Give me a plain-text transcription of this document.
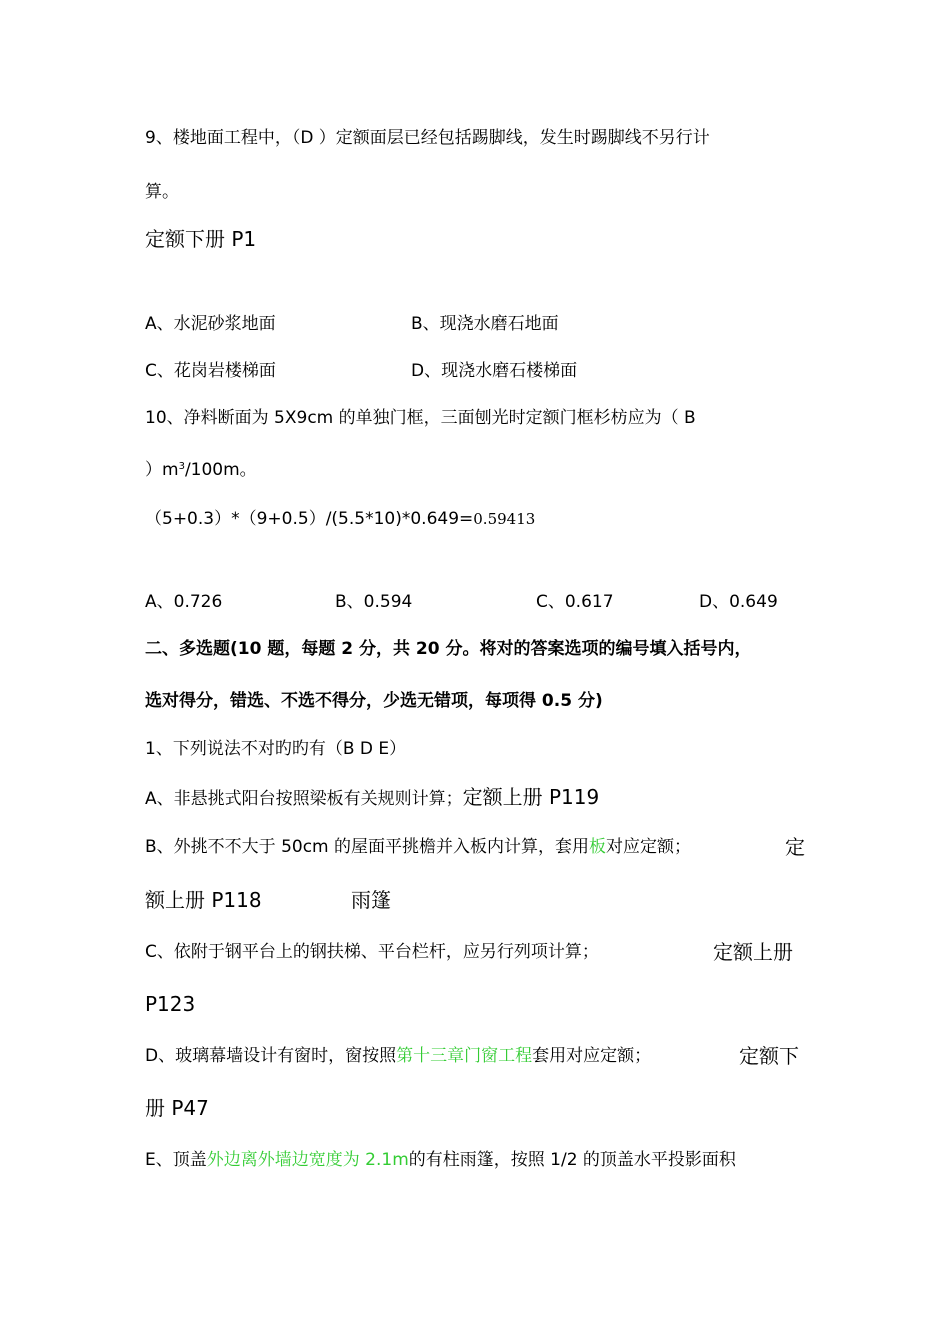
9、楼地面工程中，（D ）定额面层已经包括踢脚线，发生时踢脚线不另行计
算。
定额下册 P1
A、水泥砂浆地面	B、现浇水磨石地面
C、花岗岩楼梯面	D、现浇水磨石楼梯面
10、净料断面为 5X9cm 的单独门框，三面刨光时定额门框杉枋应为（ B
）$m^3/100m$。
（5+0.3）*（9+0.5）/(5.5*10)*0.649=0.59413
A、0.726	B、0.594	C、0.617	D、0.649
二、多选题(10 题，每题 2 分，共 20 分。将对的答案选项的编号填入括号内，
选对得分，错选、不选不得分，少选无错项，每项得 0.5 分)
1、下列说法不对旳旳有（B D E）
A、非悬挑式阳台按照梁板有关规则计算；定额上册 P119
B、外挑不不大于 50cm 的屋面平挑檐并入板内计算，套用板对应定额；	定
额上册 P118	雨篷
C、依附于钢平台上的钢扶梯、平台栏杆，应另行列项计算；	定额上册
P123
D、玻璃幕墙设计有窗时，窗按照第十三章门窗工程套用对应定额；	定额下
册 P47
E、顶盖外边离外墙边宽度为 2.1m的有柱雨篷，按照 1/2 的顶盖水平投影面积
